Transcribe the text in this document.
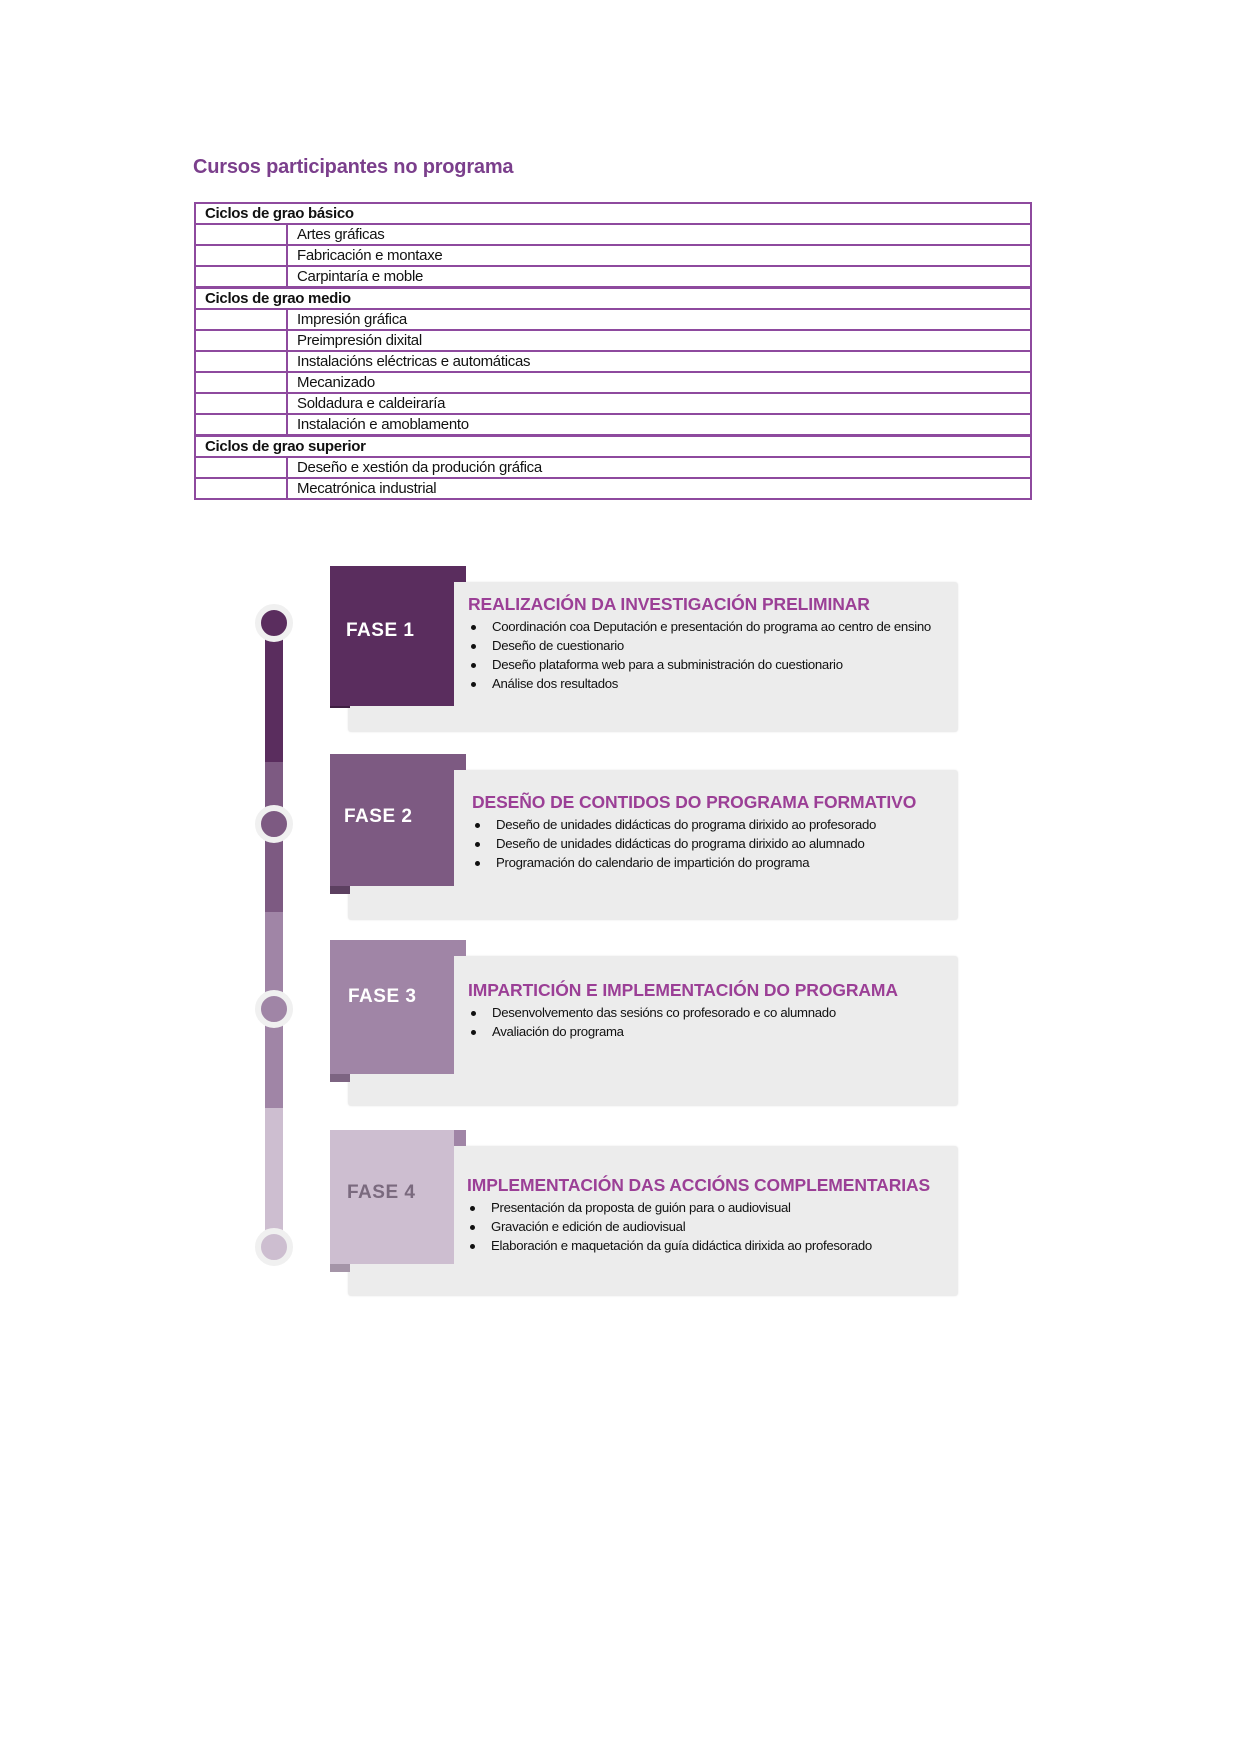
Cursos participantes no programa
Ciclos de grao básico	
	Artes gráficas
	Fabricación e montaxe
	Carpintaría e moble
Ciclos de grao medio	
	Impresión gráfica
	Preimpresión dixital
	Instalacións eléctricas e automáticas
	Mecanizado
	Soldadura e caldeiraría
	Instalación e amoblamento
Ciclos de grao superior	
	Deseño e xestión da produción gráfica
	Mecatrónica industrial
FASE 1
REALIZACIÓN DA INVESTIGACIÓN PRELIMINAR
Coordinación coa Deputación e presentación do programa ao centro de ensino
Deseño de cuestionario
Deseño plataforma web para a subministración do cuestionario
Análise dos resultados
FASE 2
DESEÑO DE CONTIDOS DO PROGRAMA FORMATIVO
Deseño de unidades didácticas do programa dirixido ao profesorado
Deseño de unidades didácticas do programa dirixido ao alumnado
Programación do calendario de impartición do programa
FASE 3	IMPARTICIÓN E IMPLEMENTACIÓN DO PROGRAMA
Desenvolvemento das sesións co profesorado e co alumnado
Avaliación do programa
FASE 4	IMPLEMENTACIÓN DAS ACCIÓNS COMPLEMENTARIAS
Presentación da proposta de guión para o audiovisual
Gravación e edición de audiovisual
Elaboración e maquetación da guía didáctica dirixida ao profesorado
